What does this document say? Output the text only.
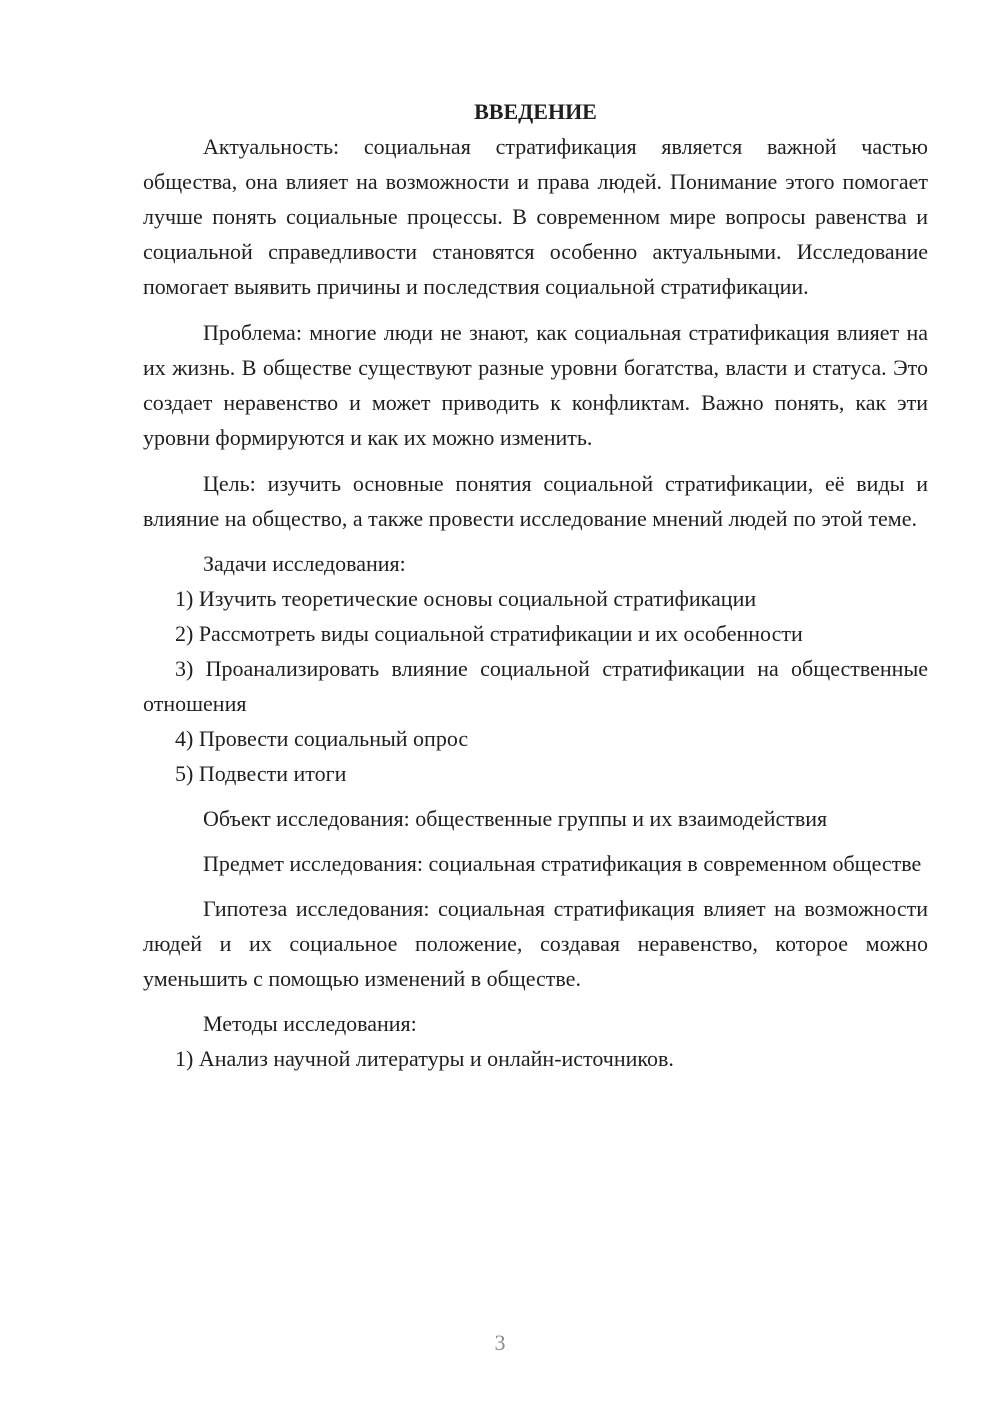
ВВЕДЕНИЕ

Актуальность: социальная стратификация является важной частью общества, она влияет на возможности и права людей. Понимание этого помогает лучше понять социальные процессы. В современном мире вопросы равенства и социальной справедливости становятся особенно актуальными. Исследование помогает выявить причины и последствия социальной стратификации.

Проблема: многие люди не знают, как социальная стратификация влияет на их жизнь. В обществе существуют разные уровни богатства, власти и статуса. Это создает неравенство и может приводить к конфликтам. Важно понять, как эти уровни формируются и как их можно изменить.

Цель: изучить основные понятия социальной стратификации, её виды и влияние на общество, а также провести исследование мнений людей по этой теме.

Задачи исследования:

1) Изучить теоретические основы социальной стратификации

2) Рассмотреть виды социальной стратификации и их особенности

3) Проанализировать влияние социальной стратификации на общественные отношения

4) Провести социальный опрос

5) Подвести итоги

Объект исследования: общественные группы и их взаимодействия

Предмет исследования: социальная стратификация в современном обществе

Гипотеза исследования: социальная стратификация влияет на возможности людей и их социальное положение, создавая неравенство, которое можно уменьшить с помощью изменений в обществе.

Методы исследования:

1) Анализ научной литературы и онлайн-источников.

3
